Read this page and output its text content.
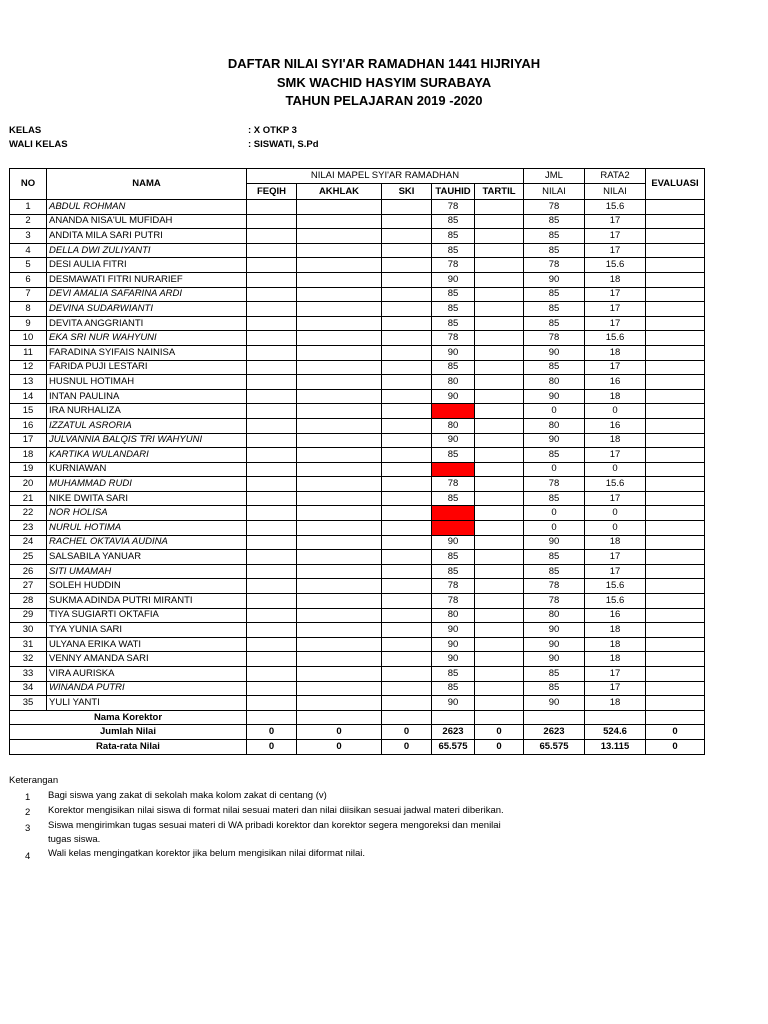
DAFTAR NILAI SYI'AR RAMADHAN 1441 HIJRIYAH
SMK WACHID HASYIM SURABAYA
TAHUN PELAJARAN 2019 -2020
KELAS	: X OTKP 3
WALI KELAS	: SISWATI, S.Pd
NO	NAMA	NILAI MAPEL SYI'AR RAMADHAN					JML	RATA2	EVALUASI
		FEQIH	AKHLAK	SKI	TAUHID	TARTIL	NILAI	NILAI	
1	ABDUL ROHMAN				78		78	15.6	
2	ANANDA NISA'UL MUFIDAH				85		85	17	
3	ANDITA MILA SARI PUTRI				85		85	17	
4	DELLA DWI ZULIYANTI				85		85	17	
5	DESI AULIA FITRI				78		78	15.6	
6	DESMAWATI FITRI NURARIEF				90		90	18	
7	DEVI AMALIA SAFARINA ARDI				85		85	17	
8	DEVINA SUDARWIANTI				85		85	17	
9	DEVITA ANGGRIANTI				85		85	17	
10	EKA SRI NUR WAHYUNI				78		78	15.6	
11	FARADINA SYIFAIS NAINISA				90		90	18	
12	FARIDA PUJI LESTARI				85		85	17	
13	HUSNUL HOTIMAH				80		80	16	
14	INTAN PAULINA				90		90	18	
15	IRA NURHALIZA				0		0	0	
16	IZZATUL ASRORIA				80		80	16	
17	JULVANNIA BALQIS TRI WAHYUNI				90		90	18	
18	KARTIKA WULANDARI				85		85	17	
19	KURNIAWAN				0		0	0	
20	MUHAMMAD RUDI				78		78	15.6	
21	NIKE DWITA SARI				85		85	17	
22	NOR HOLISA				0		0	0	
23	NURUL HOTIMA				0		0	0	
24	RACHEL OKTAVIA AUDINA				90		90	18	
25	SALSABILA YANUAR				85		85	17	
26	SITI UMAMAH				85		85	17	
27	SOLEH HUDDIN				78		78	15.6	
28	SUKMA ADINDA PUTRI MIRANTI				78		78	15.6	
29	TIYA SUGIARTI OKTAFIA				80		80	16	
30	TYA YUNIA SARI				90		90	18	
31	ULYANA ERIKA WATI				90		90	18	
32	VENNY AMANDA SARI				90		90	18	
33	VIRA AURISKA				85		85	17	
34	WINANDA PUTRI				85		85	17	
35	YULI YANTI				90		90	18	
Nama Korektor									
Jumlah Nilai		0	0	0	2623	0	2623	524.6	0
Rata-rata Nilai		0	0	0	65.575	0	65.575	13.115	0
Keterangan
1 Bagi siswa yang zakat di sekolah maka kolom zakat di centang (v)
2 Korektor mengisikan nilai siswa di format nilai sesuai materi dan nilai diisikan sesuai jadwal materi diberikan.
3 Siswa mengirimkan tugas sesuai materi di WA pribadi korektor dan korektor segera mengoreksi dan menilai
tugas siswa.
4 Wali kelas mengingatkan korektor jika belum mengisikan nilai diformat nilai.
